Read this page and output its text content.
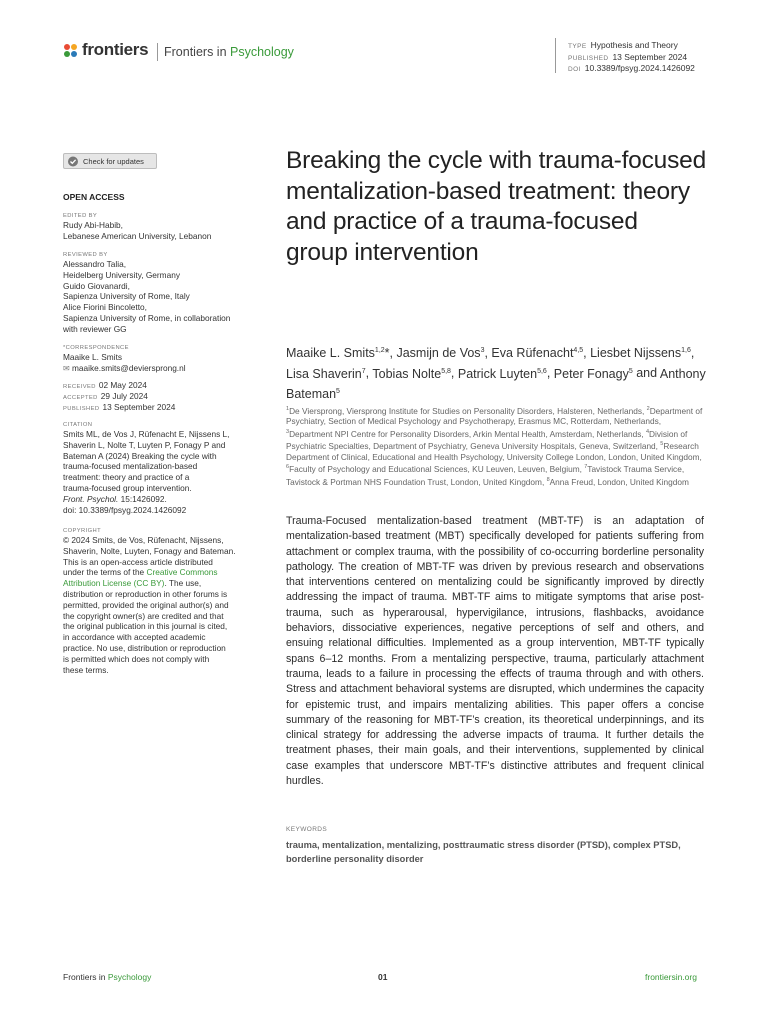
frontiers Frontiers in Psychology	TYPE Hypothesis and Theory
PUBLISHED 13 September 2024
DOI 10.3389/fpsyg.2024.1426092
Check for updates
OPEN ACCESS
EDITED BY
Rudy Abi-Habib,
Lebanese American University, Lebanon
REVIEWED BY
Alessandro Talia,
Heidelberg University, Germany
Guido Giovanardi,
Sapienza University of Rome, Italy
Alice Fiorini Bincoletto,
Sapienza University of Rome, in collaboration
with reviewer GG
*CORRESPONDENCE
Maaike L. Smits
✉ maaike.smits@deviersprong.nl
RECEIVED 02 May 2024
ACCEPTED 29 July 2024
PUBLISHED 13 September 2024
CITATION
Smits ML, de Vos J, Rüfenacht E, Nijssens L,
Shaverin L, Nolte T, Luyten P, Fonagy P and
Bateman A (2024) Breaking the cycle with
trauma-focused mentalization-based
treatment: theory and practice of a
trauma-focused group intervention.
Front. Psychol. 15:1426092.
doi: 10.3389/fpsyg.2024.1426092
COPYRIGHT
© 2024 Smits, de Vos, Rüfenacht, Nijssens,
Shaverin, Nolte, Luyten, Fonagy and Bateman.
This is an open-access article distributed
under the terms of the Creative Commons
Attribution License (CC BY). The use,
distribution or reproduction in other forums is
permitted, provided the original author(s) and
the copyright owner(s) are credited and that
the original publication in this journal is cited,
in accordance with accepted academic
practice. No use, distribution or reproduction
is permitted which does not comply with
these terms.
Breaking the cycle with trauma-focused mentalization-based treatment: theory and practice of a trauma-focused group intervention
Maaike L. Smits$^{1,2}$*, Jasmijn de Vos$^3$, Eva Rüfenacht$^{4,5}$, Liesbet Nijssens$^{1,6}$, Lisa Shaverin$^7$, Tobias Nolte$^{5,8}$, Patrick Luyten$^{5,6}$, Peter Fonagy$^5$ and Anthony Bateman$^5$
$^1$De Viersprong, Viersprong Institute for Studies on Personality Disorders, Halsteren, Netherlands, $^2$Department of Psychiatry, Section of Medical Psychology and Psychotherapy, Erasmus MC, Rotterdam, Netherlands, $^3$Department NPI Centre for Personality Disorders, Arkin Mental Health, Amsterdam, Netherlands, $^4$Division of Psychiatric Specialties, Department of Psychiatry, Geneva University Hospitals, Geneva, Switzerland, $^5$Research Department of Clinical, Educational and Health Psychology, University College London, London, United Kingdom, $^6$Faculty of Psychology and Educational Sciences, KU Leuven, Leuven, Belgium, $^7$Tavistock Trauma Service, Tavistock & Portman NHS Foundation Trust, London, United Kingdom, $^8$Anna Freud, London, United Kingdom
Trauma-Focused mentalization-based treatment (MBT-TF) is an adaptation of mentalization-based treatment (MBT) specifically developed for patients suffering from attachment or complex trauma, with the possibility of co-occurring borderline personality pathology. The creation of MBT-TF was driven by previous research and observations that interventions centered on mentalizing could be significantly improved by directly addressing the impact of trauma. MBT-TF aims to mitigate symptoms that arise post-trauma, such as hyperarousal, hypervigilance, intrusions, flashbacks, avoidance behaviors, dissociative experiences, negative perceptions of self and others, and ensuing relational difficulties. Implemented as a group intervention, MBT-TF typically spans 6–12 months. From a mentalizing perspective, trauma, particularly attachment trauma, leads to a failure in processing the effects of trauma through and with others. Stress and attachment behavioral systems are disrupted, which undermines the capacity for epistemic trust, and impairs mentalizing abilities. This paper offers a concise summary of the reasoning for MBT-TF’s creation, its theoretical underpinnings, and its clinical strategy for addressing the adverse impacts of trauma. It further details the treatment phases, their main goals, and their interventions, supplemented by clinical case examples that underscore MBT-TF’s distinctive attributes and frequent clinical hurdles.
KEYWORDS
trauma, mentalization, mentalizing, posttraumatic stress disorder (PTSD), complex PTSD, borderline personality disorder
Frontiers in Psychology	01	frontiersin.org
